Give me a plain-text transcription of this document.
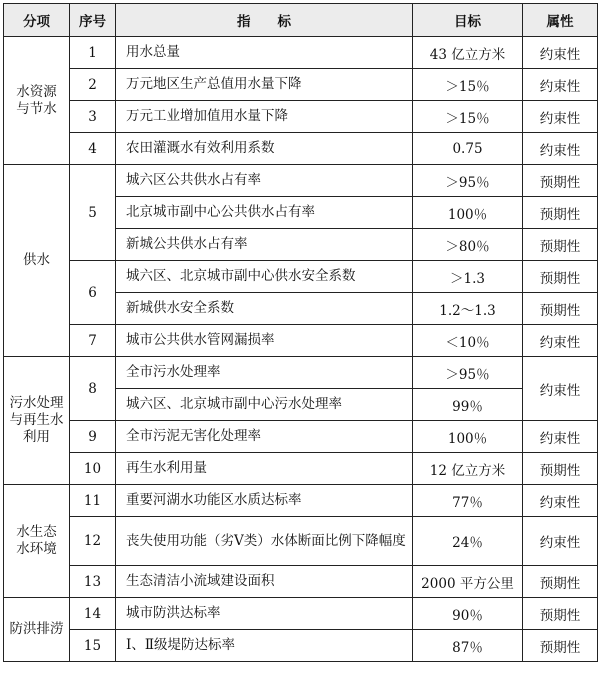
分项	序号	指　　标	目标	属性
水资源
与节水	1	用水总量	43 亿立方米	约束性
	2	万元地区生产总值用水量下降	＞15％	约束性
	3	万元工业增加值用水量下降	＞15％	约束性
	4	农田灌溉水有效利用系数	0.75	约束性
供水	5	城六区公共供水占有率	＞95％	预期性
		北京城市副中心公共供水占有率	100％	预期性
		新城公共供水占有率	＞80％	预期性
	6	城六区、北京城市副中心供水安全系数	＞1.3	预期性
		新城供水安全系数	1.2～1.3	预期性
	7	城市公共供水管网漏损率	＜10％	约束性
污水处理
与再生水
利用	8	全市污水处理率	＞95％	约束性
		城六区、北京城市副中心污水处理率	99％	
	9	全市污泥无害化处理率	100％	约束性
	10	再生水利用量	12 亿立方米	预期性
水生态
水环境	11	重要河湖水功能区水质达标率	77％	约束性
	12	丧失使用功能（劣Ⅴ类）水体断面比例下降幅度	24％	约束性
	13	生态清洁小流域建设面积	2000 平方公里	预期性
防洪排涝	14	城市防洪达标率	90％	预期性
	15	Ⅰ、Ⅱ级堤防达标率	87％	预期性
